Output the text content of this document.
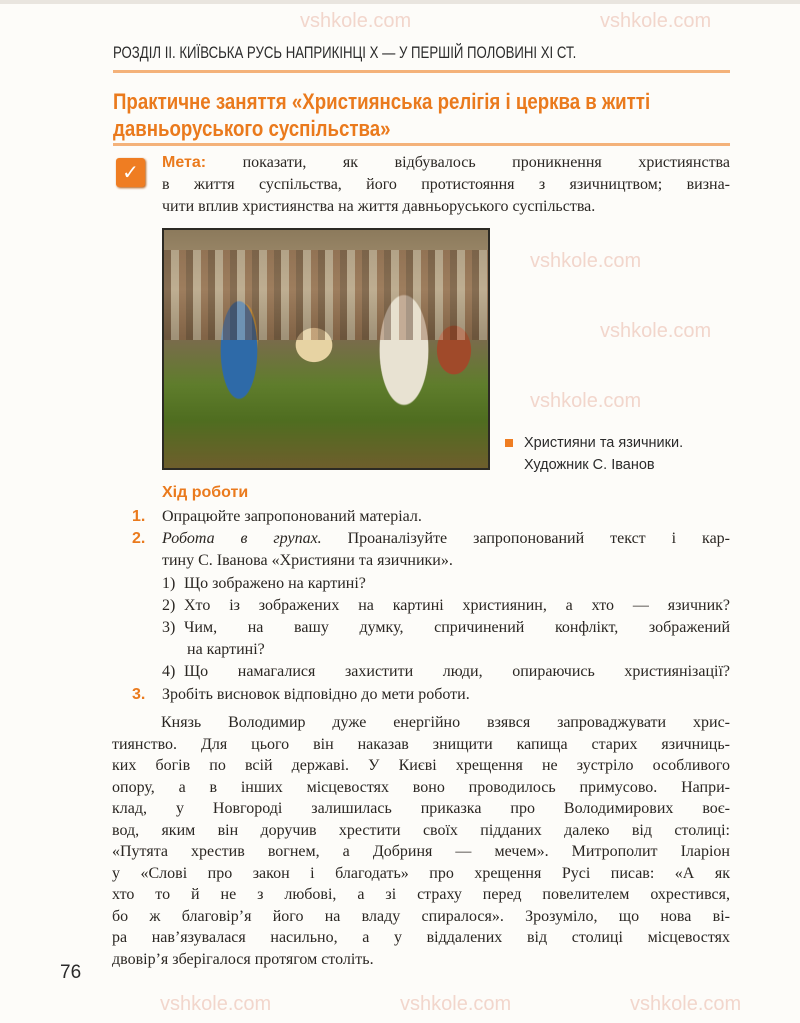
vshkole.com	vshkole.com
vshkole.com
vshkole.com
vshkole.com
vshkole.com	vshkole.com	vshkole.com
РОЗДІЛ ІІ. КИЇВСЬКА РУСЬ НАПРИКІНЦІ X — У ПЕРШІЙ ПОЛОВИНІ XI СТ.
Практичне заняття «Християнська релігія і церква в житті
давньоруського суспільства»
✓	Мета: показати, як відбувалось проникнення християнства
в життя суспільства, його протистояння з язичництвом; визна-
чити вплив християнства на життя давньоруського суспільства.
Християни та язичники.
Художник С. Іванов
Хід роботи
1.	Опрацюйте запропонований матеріал.
2.	Робота в групах. Проаналізуйте запропонований текст і кар-
тину С. Іванова «Християни та язичники».
1) Що зображено на картині?
2) Хто із зображених на картині християнин, а хто — язичник?
3) Чим, на вашу думку, спричинений конфлікт, зображений
на картині?
4) Що намагалися захистити люди, опираючись християнізації?
3.	Зробіть висновок відповідно до мети роботи.
Князь Володимир дуже енергійно взявся запроваджувати хрис-
тиянство. Для цього він наказав знищити капища старих язичниць-
ких богів по всій державі. У Києві хрещення не зустріло особливого
опору, а в інших місцевостях воно проводилось примусово. Напри-
клад, у Новгороді залишилась приказка про Володимирових воє-
вод, яким він доручив хрестити своїх підданих далеко від столиці:
«Путята хрестив вогнем, а Добриня — мечем». Митрополит Іларіон
у «Слові про закон і благодать» про хрещення Русі писав: «А як
хто то й не з любові, а зі страху перед повелителем охрестився,
бо ж благовір’я його на владу спиралося». Зрозуміло, що нова ві-
ра нав’язувалася насильно, а у віддалених від столиці місцевостях
двовір’я зберігалося протягом століть.
76
